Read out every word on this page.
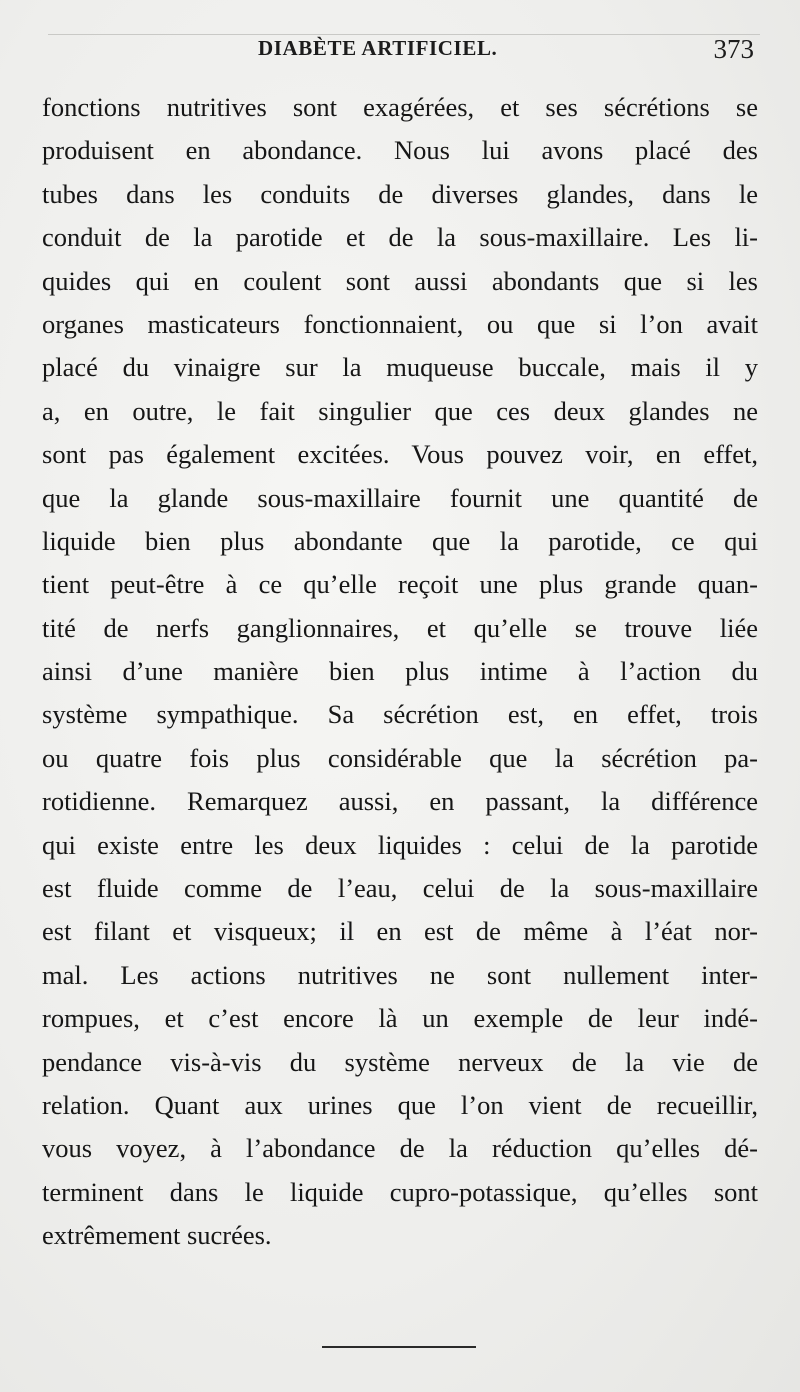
DIABÈTE ARTIFICIEL.	373
fonctions nutritives sont exagérées, et ses sécrétions se
produisent en abondance. Nous lui avons placé des
tubes dans les conduits de diverses glandes, dans le
conduit de la parotide et de la sous-maxillaire. Les li-
quides qui en coulent sont aussi abondants que si les
organes masticateurs fonctionnaient, ou que si l’on avait
placé du vinaigre sur la muqueuse buccale, mais il y
a, en outre, le fait singulier que ces deux glandes ne
sont pas également excitées. Vous pouvez voir, en effet,
que la glande sous-maxillaire fournit une quantité de
liquide bien plus abondante que la parotide, ce qui
tient peut-être à ce qu’elle reçoit une plus grande quan-
tité de nerfs ganglionnaires, et qu’elle se trouve liée
ainsi d’une manière bien plus intime à l’action du
système sympathique. Sa sécrétion est, en effet, trois
ou quatre fois plus considérable que la sécrétion pa-
rotidienne. Remarquez aussi, en passant, la différence
qui existe entre les deux liquides : celui de la parotide
est fluide comme de l’eau, celui de la sous-maxillaire
est filant et visqueux; il en est de même à l’éat nor-
mal. Les actions nutritives ne sont nullement inter-
rompues, et c’est encore là un exemple de leur indé-
pendance vis-à-vis du système nerveux de la vie de
relation. Quant aux urines que l’on vient de recueillir,
vous voyez, à l’abondance de la réduction qu’elles dé-
terminent dans le liquide cupro-potassique, qu’elles sont
extrêmement sucrées.
